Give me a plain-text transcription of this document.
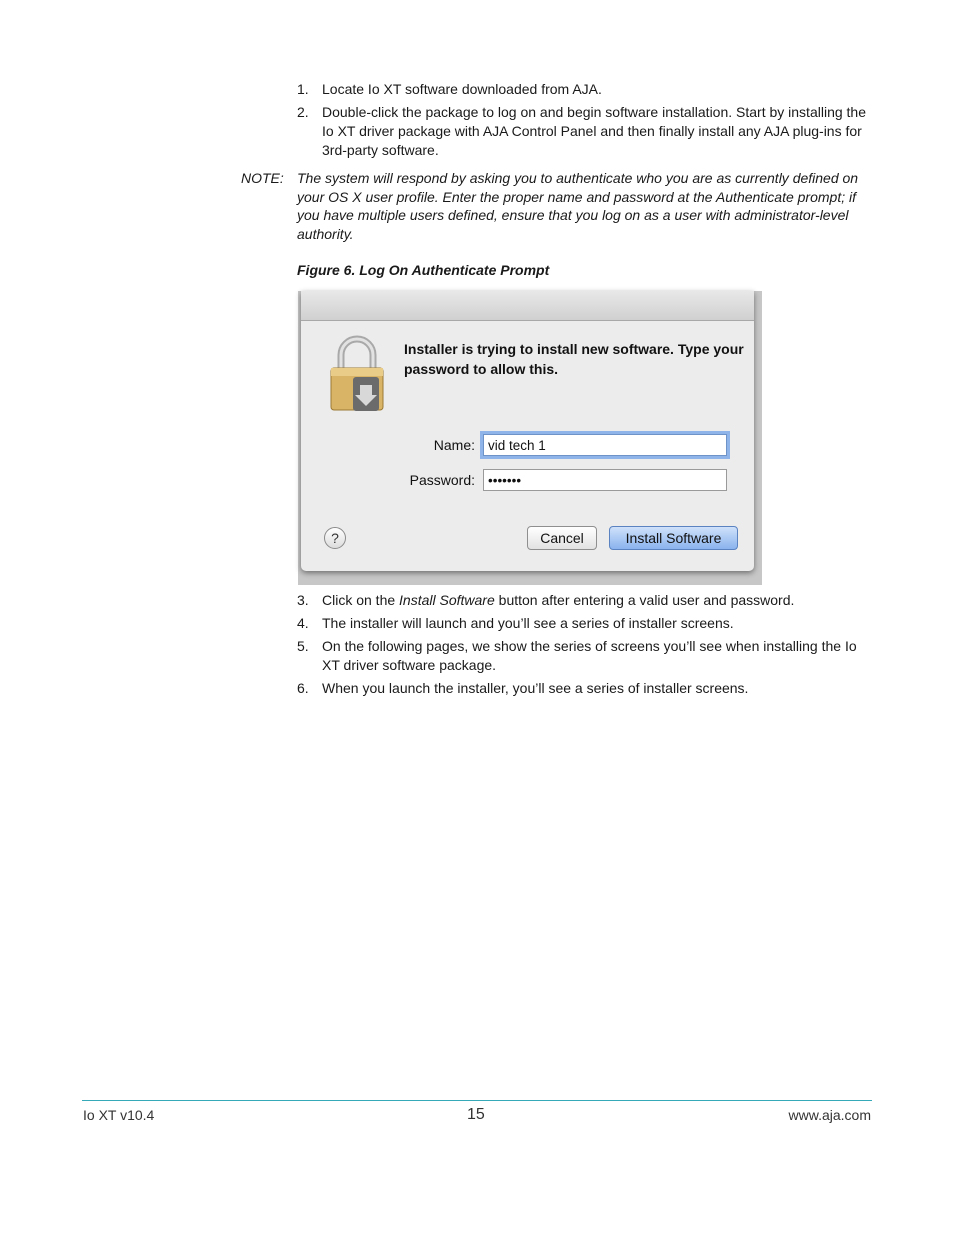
1. Locate Io XT software downloaded from AJA.
2. Double-click the package to log on and begin software installation. Start by installing the Io XT driver package with AJA Control Panel and then finally install any AJA plug-ins for 3rd-party software.
NOTE: The system will respond by asking you to authenticate who you are as currently defined on your OS X user profile. Enter the proper name and password at the Authenticate prompt; if you have multiple users defined, ensure that you log on as a user with administrator-level authority.
Figure 6. Log On Authenticate Prompt
Installer is trying to install new software. Type your password to allow this.
Name: vid tech 1
Password: •••••••
?	Cancel	Install Software
3. Click on the Install Software button after entering a valid user and password.
4. The installer will launch and you’ll see a series of installer screens.
5. On the following pages, we show the series of screens you’ll see when installing the Io XT driver software package.
6. When you launch the installer, you’ll see a series of installer screens.
Io XT v10.4	15	www.aja.com
